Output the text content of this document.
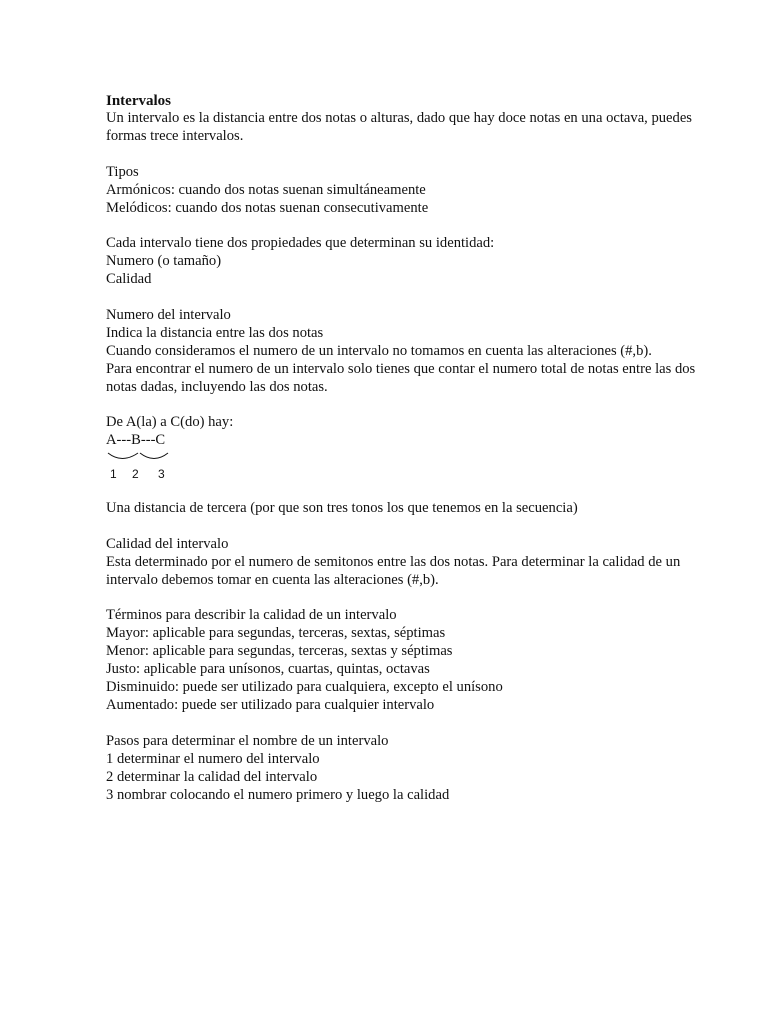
Intervalos
Un intervalo es la distancia entre dos notas o alturas, dado que hay doce notas en una octava, puedes formas trece intervalos.
Tipos
Armónicos: cuando dos notas suenan simultáneamente
Melódicos: cuando dos notas suenan consecutivamente
Cada intervalo tiene dos propiedades que determinan su identidad:
Numero (o tamaño)
Calidad
Numero del intervalo
Indica la distancia entre las dos notas
Cuando consideramos el numero de un intervalo no tomamos en cuenta las alteraciones (#,b).
Para encontrar el numero de un intervalo solo tienes que contar el numero total de notas entre las dos notas dadas, incluyendo las dos notas.
De A(la) a C(do) hay:
A---B---C
1 2 3
Una distancia de tercera (por que son tres tonos los que tenemos en la secuencia)
Calidad del intervalo
Esta determinado por el numero de semitonos entre las dos notas. Para determinar la calidad de un intervalo debemos tomar en cuenta las alteraciones (#,b).
Términos para describir la calidad de un intervalo
Mayor: aplicable para segundas, terceras, sextas, séptimas
Menor: aplicable para segundas, terceras, sextas y séptimas
Justo: aplicable para unísonos, cuartas, quintas, octavas
Disminuido: puede ser utilizado para cualquiera, excepto el unísono
Aumentado: puede ser utilizado para cualquier intervalo
Pasos para determinar el nombre de un intervalo
1 determinar el numero del intervalo
2 determinar la calidad del intervalo
3 nombrar colocando el numero primero y luego la calidad
